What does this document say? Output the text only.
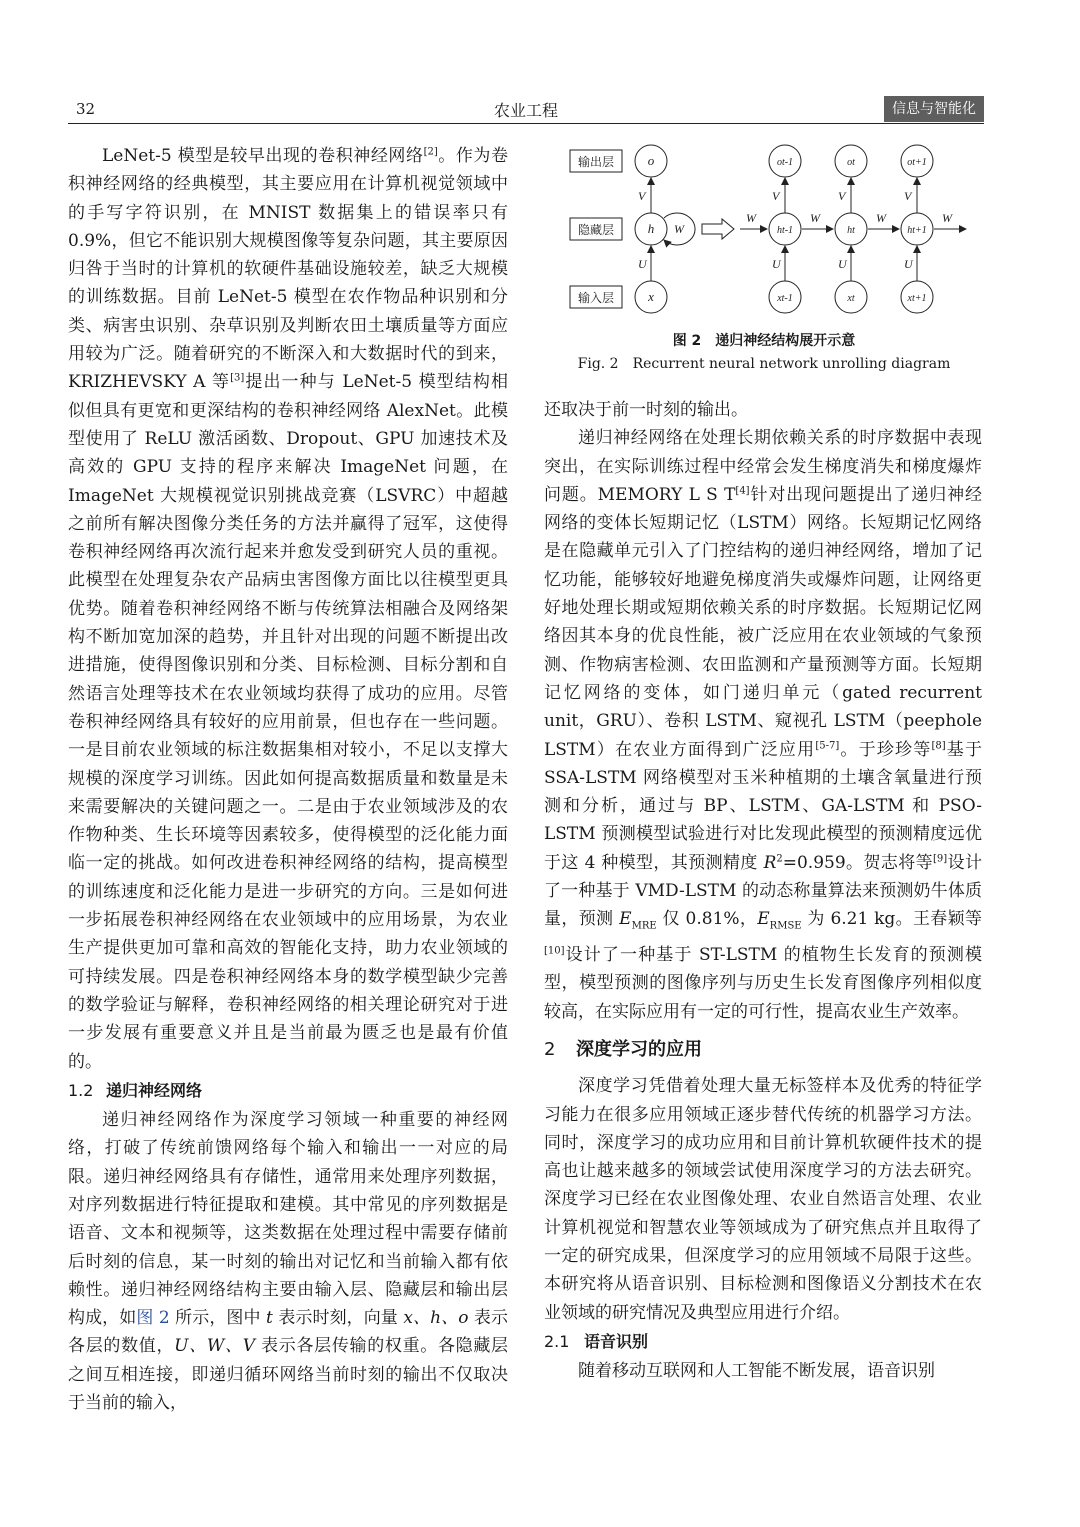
32	农业工程	信息与智能化

LeNet-5 模型是较早出现的卷积神经网络[2]。作为卷积神经网络的经典模型，其主要应用在计算机视觉领域中的手写字符识别，在 MNIST 数据集上的错误率只有 0.9%，但它不能识别大规模图像等复杂问题，其主要原因归咎于当时的计算机的软硬件基础设施较差，缺乏大规模的训练数据。目前 LeNet-5 模型在农作物品种识别和分类、病害虫识别、杂草识别及判断农田土壤质量等方面应用较为广泛。随着研究的不断深入和大数据时代的到来，KRIZHEVSKY A 等[3]提出一种与 LeNet-5 模型结构相似但具有更宽和更深结构的卷积神经网络 AlexNet。此模型使用了 ReLU 激活函数、Dropout、GPU 加速技术及高效的 GPU 支持的程序来解决 ImageNet 问题，在 ImageNet 大规模视觉识别挑战竞赛（LSVRC）中超越之前所有解决图像分类任务的方法并赢得了冠军，这使得卷积神经网络再次流行起来并愈发受到研究人员的重视。此模型在处理复杂农产品病虫害图像方面比以往模型更具优势。随着卷积神经网络不断与传统算法相融合及网络架构不断加宽加深的趋势，并且针对出现的问题不断提出改进措施，使得图像识别和分类、目标检测、目标分割和自然语言处理等技术在农业领域均获得了成功的应用。尽管卷积神经网络具有较好的应用前景，但也存在一些问题。一是目前农业领域的标注数据集相对较小，不足以支撑大规模的深度学习训练。因此如何提高数据质量和数量是未来需要解决的关键问题之一。二是由于农业领域涉及的农作物种类、生长环境等因素较多，使得模型的泛化能力面临一定的挑战。如何改进卷积神经网络的结构，提高模型的训练速度和泛化能力是进一步研究的方向。三是如何进一步拓展卷积神经网络在农业领域中的应用场景，为农业生产提供更加可靠和高效的智能化支持，助力农业领域的可持续发展。四是卷积神经网络本身的数学模型缺少完善的数学验证与解释，卷积神经网络的相关理论研究对于进一步发展有重要意义并且是当前最为匮乏也是最有价值的。

1.2 递归神经网络

递归神经网络作为深度学习领域一种重要的神经网络，打破了传统前馈网络每个输入和输出一一对应的局限。递归神经网络具有存储性，通常用来处理序列数据，对序列数据进行特征提取和建模。其中常见的序列数据是语音、文本和视频等，这类数据在处理过程中需要存储前后时刻的信息，某一时刻的输出对记忆和当前输入都有依赖性。递归神经网络结构主要由输入层、隐藏层和输出层构成，如图 2 所示，图中 t 表示时刻，向量 x、h、o 表示各层的数值，U、W、V 表示各层传输的权重。各隐藏层之间互相连接，即递归循环网络当前时刻的输出不仅取决于当前的输入，

输出层
隐藏层
输入层
o
h
x
V
U
W
W
ot-1
ht-1
xt-1
V
U
W
ot
ht
xt
V
U
W
ot+1
ht+1
xt+1
V
U
W
图 2　递归神经结构展开示意
Fig. 2　Recurrent neural network unrolling diagram

还取决于前一时刻的输出。

递归神经网络在处理长期依赖关系的时序数据中表现突出，在实际训练过程中经常会发生梯度消失和梯度爆炸问题。MEMORY L S T[4]针对出现问题提出了递归神经网络的变体长短期记忆（LSTM）网络。长短期记忆网络是在隐藏单元引入了门控结构的递归神经网络，增加了记忆功能，能够较好地避免梯度消失或爆炸问题，让网络更好地处理长期或短期依赖关系的时序数据。长短期记忆网络因其本身的优良性能，被广泛应用在农业领域的气象预测、作物病害检测、农田监测和产量预测等方面。长短期记忆网络的变体，如门递归单元（gated recurrent unit，GRU）、卷积 LSTM、窥视孔 LSTM（peephole LSTM）在农业方面得到广泛应用[5-7]。于珍珍等[8]基于 SSA-LSTM 网络模型对玉米种植期的土壤含氧量进行预测和分析，通过与 BP、LSTM、GA-LSTM 和 PSO-LSTM 预测模型试验进行对比发现此模型的预测精度远优于这 4 种模型，其预测精度 $R^2=0.959$。贺志将等[9]设计了一种基于 VMD-LSTM 的动态称量算法来预测奶牛体质量，预测 $E_{MRE}$ 仅 0.81%，$E_{RMSE}$ 为 6.21 kg。王春颖等[10]设计了一种基于 ST-LSTM 的植物生长发育的预测模型，模型预测的图像序列与历史生长发育图像序列相似度较高，在实际应用有一定的可行性，提高农业生产效率。

2 深度学习的应用

深度学习凭借着处理大量无标签样本及优秀的特征学习能力在很多应用领域正逐步替代传统的机器学习方法。同时，深度学习的成功应用和目前计算机软硬件技术的提高也让越来越多的领域尝试使用深度学习的方法去研究。深度学习已经在农业图像处理、农业自然语言处理、农业计算机视觉和智慧农业等领域成为了研究焦点并且取得了一定的研究成果，但深度学习的应用领域不局限于这些。本研究将从语音识别、目标检测和图像语义分割技术在农业领域的研究情况及典型应用进行介绍。

2.1 语音识别

随着移动互联网和人工智能不断发展，语音识别
